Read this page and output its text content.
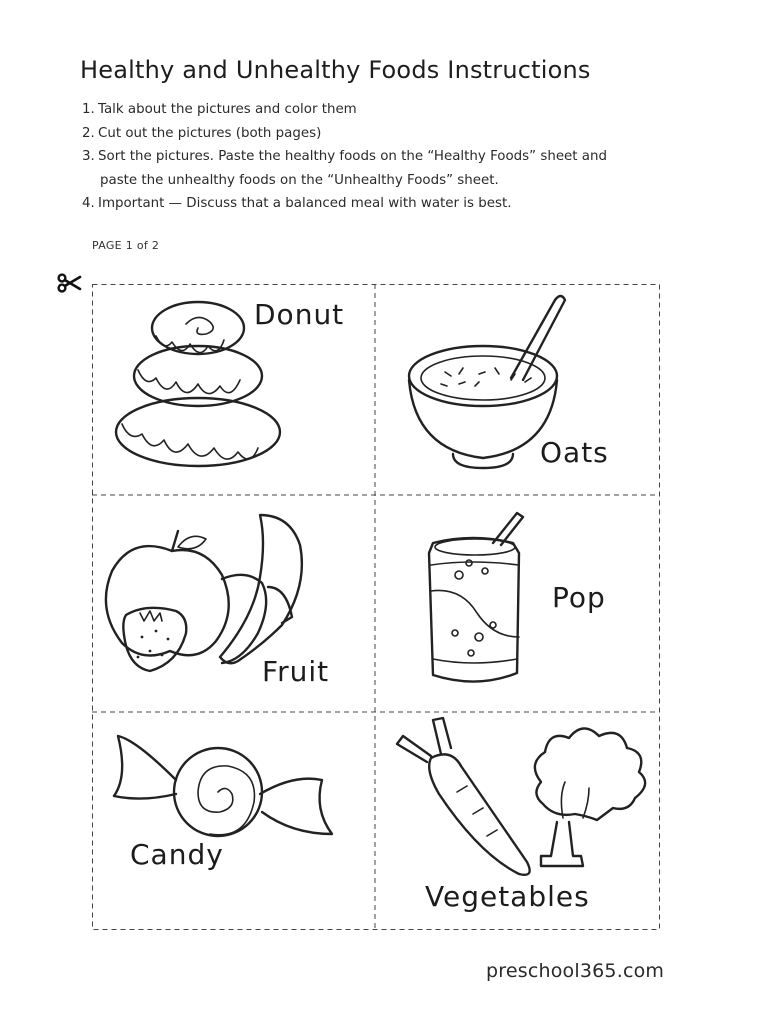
Healthy and Unhealthy Foods Instructions
1. Talk about the pictures and color them
2. Cut out the pictures (both pages)
3. Sort the pictures. Paste the healthy foods on the “Healthy Foods” sheet and
paste the unhealthy foods on the “Unhealthy Foods” sheet.
4. Important — Discuss that a balanced meal with water is best.
PAGE 1 of 2
Donut
Oats
Fruit
Pop
Candy
Vegetables
preschool365.com
